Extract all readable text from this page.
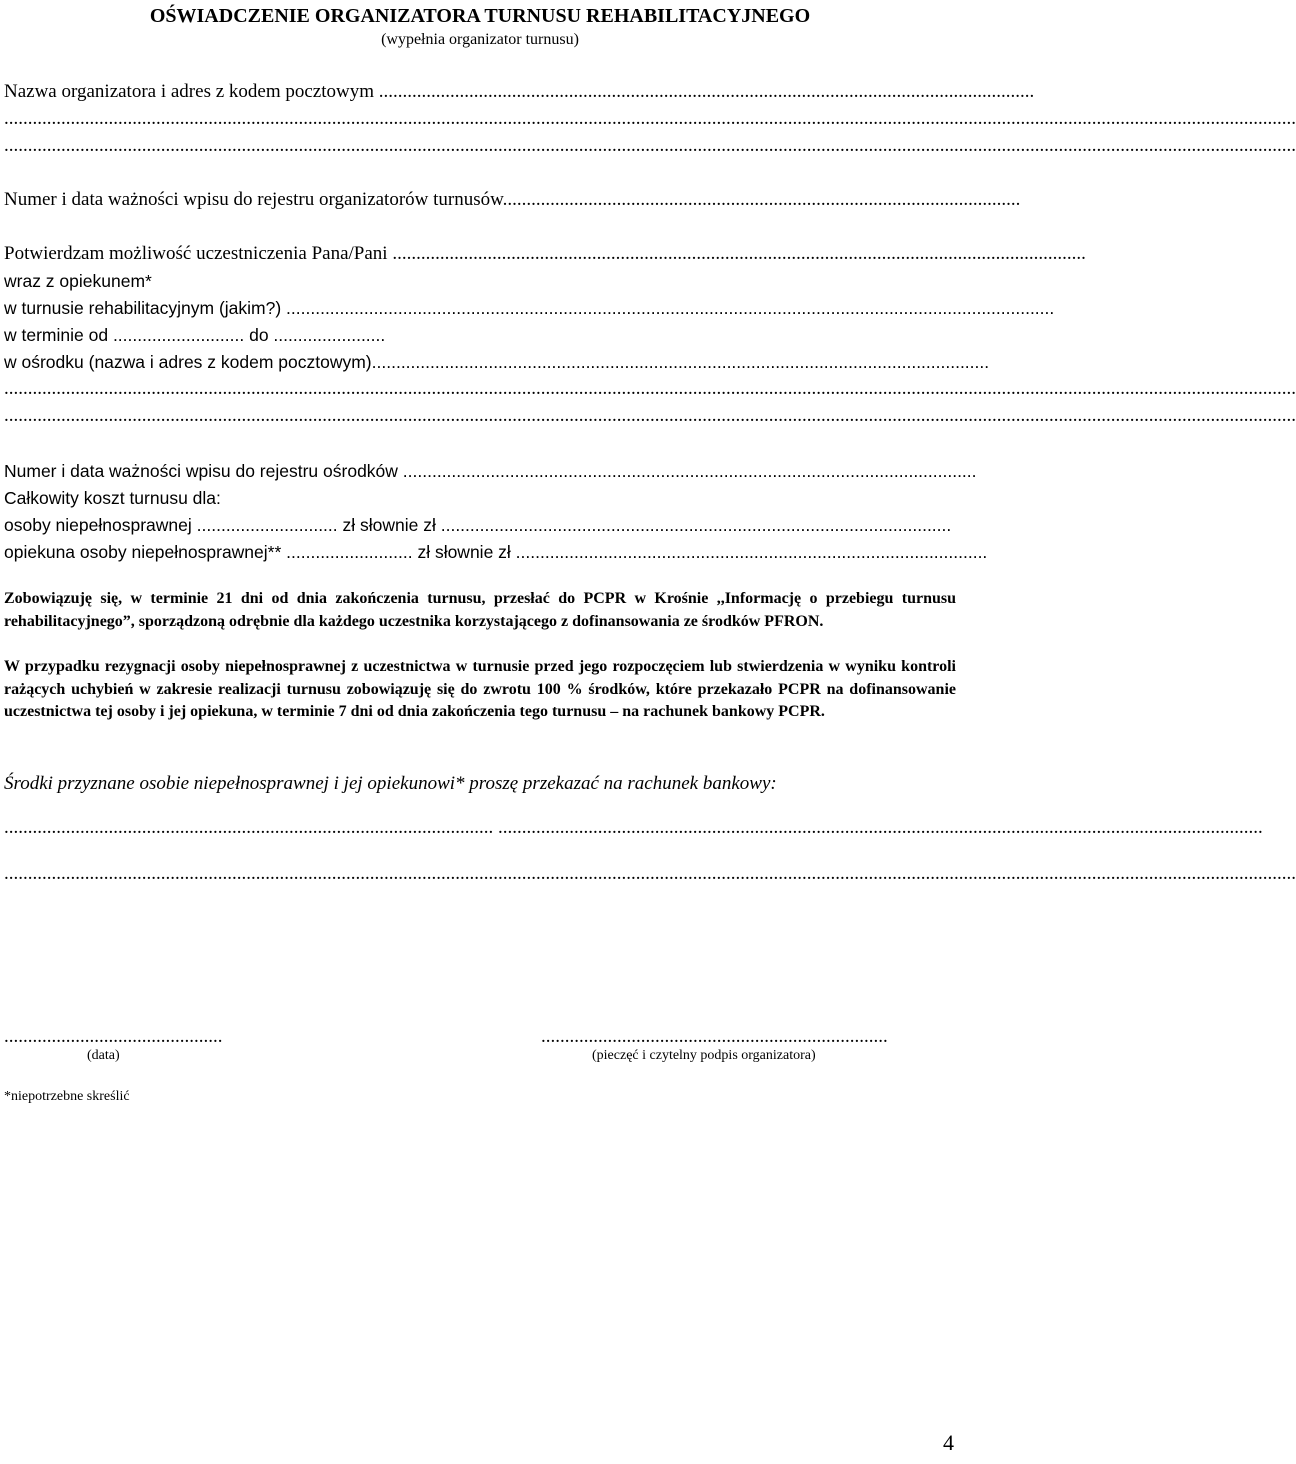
OŚWIADCZENIE ORGANIZATORA TURNUSU REHABILITACYJNEGO
(wypełnia organizator turnusu)
Nazwa organizatora i adres z kodem pocztowym ..........................................................................................................................................
................................................................................................................................................................................................................................................................................
................................................................................................................................................................................................................................................................................
Numer i data ważności wpisu do rejestru organizatorów turnusów.............................................................................................................
Potwierdzam możliwość uczestniczenia Pana/Pani ..................................................................................................................................................
wraz z opiekunem*
w turnusie rehabilitacyjnym (jakim?) ..............................................................................................................................................................
w terminie od ........................... do .......................
w ośrodku (nazwa i adres z kodem pocztowym)...............................................................................................................................
................................................................................................................................................................................................................................................................................
................................................................................................................................................................................................................................................................................
Numer i data ważności wpisu do rejestru ośrodków ......................................................................................................................
Całkowity koszt turnusu dla:
osoby niepełnosprawnej ............................. zł słownie zł .........................................................................................................
opiekuna osoby niepełnosprawnej** .......................... zł słownie zł .................................................................................................
Zobowiązuję się, w terminie 21 dni od dnia zakończenia turnusu, przesłać do PCPR w Krośnie ,,Informację o przebiegu turnusu rehabilitacyjnego”, sporządzoną odrębnie dla każdego uczestnika korzystającego z dofinansowania ze środków PFRON.
W przypadku rezygnacji osoby niepełnosprawnej z uczestnictwa w turnusie przed jego rozpoczęciem lub stwierdzenia w wyniku kontroli rażących uchybień w zakresie realizacji turnusu zobowiązuję się do zwrotu 100 % środków, które przekazało PCPR na dofinansowanie uczestnictwa tej osoby i jej opiekuna, w terminie 7 dni od dnia zakończenia tego turnusu – na rachunek bankowy PCPR.
Środki przyznane osobie niepełnosprawnej i jej opiekunowi* proszę przekazać na rachunek bankowy:
....................................................................................................... .................................................................................................................................................................
................................................................................................................................................................................................................................................................................
..............................................	.........................................................................
(data)	(pieczęć i czytelny podpis organizatora)
*niepotrzebne skreślić
4
